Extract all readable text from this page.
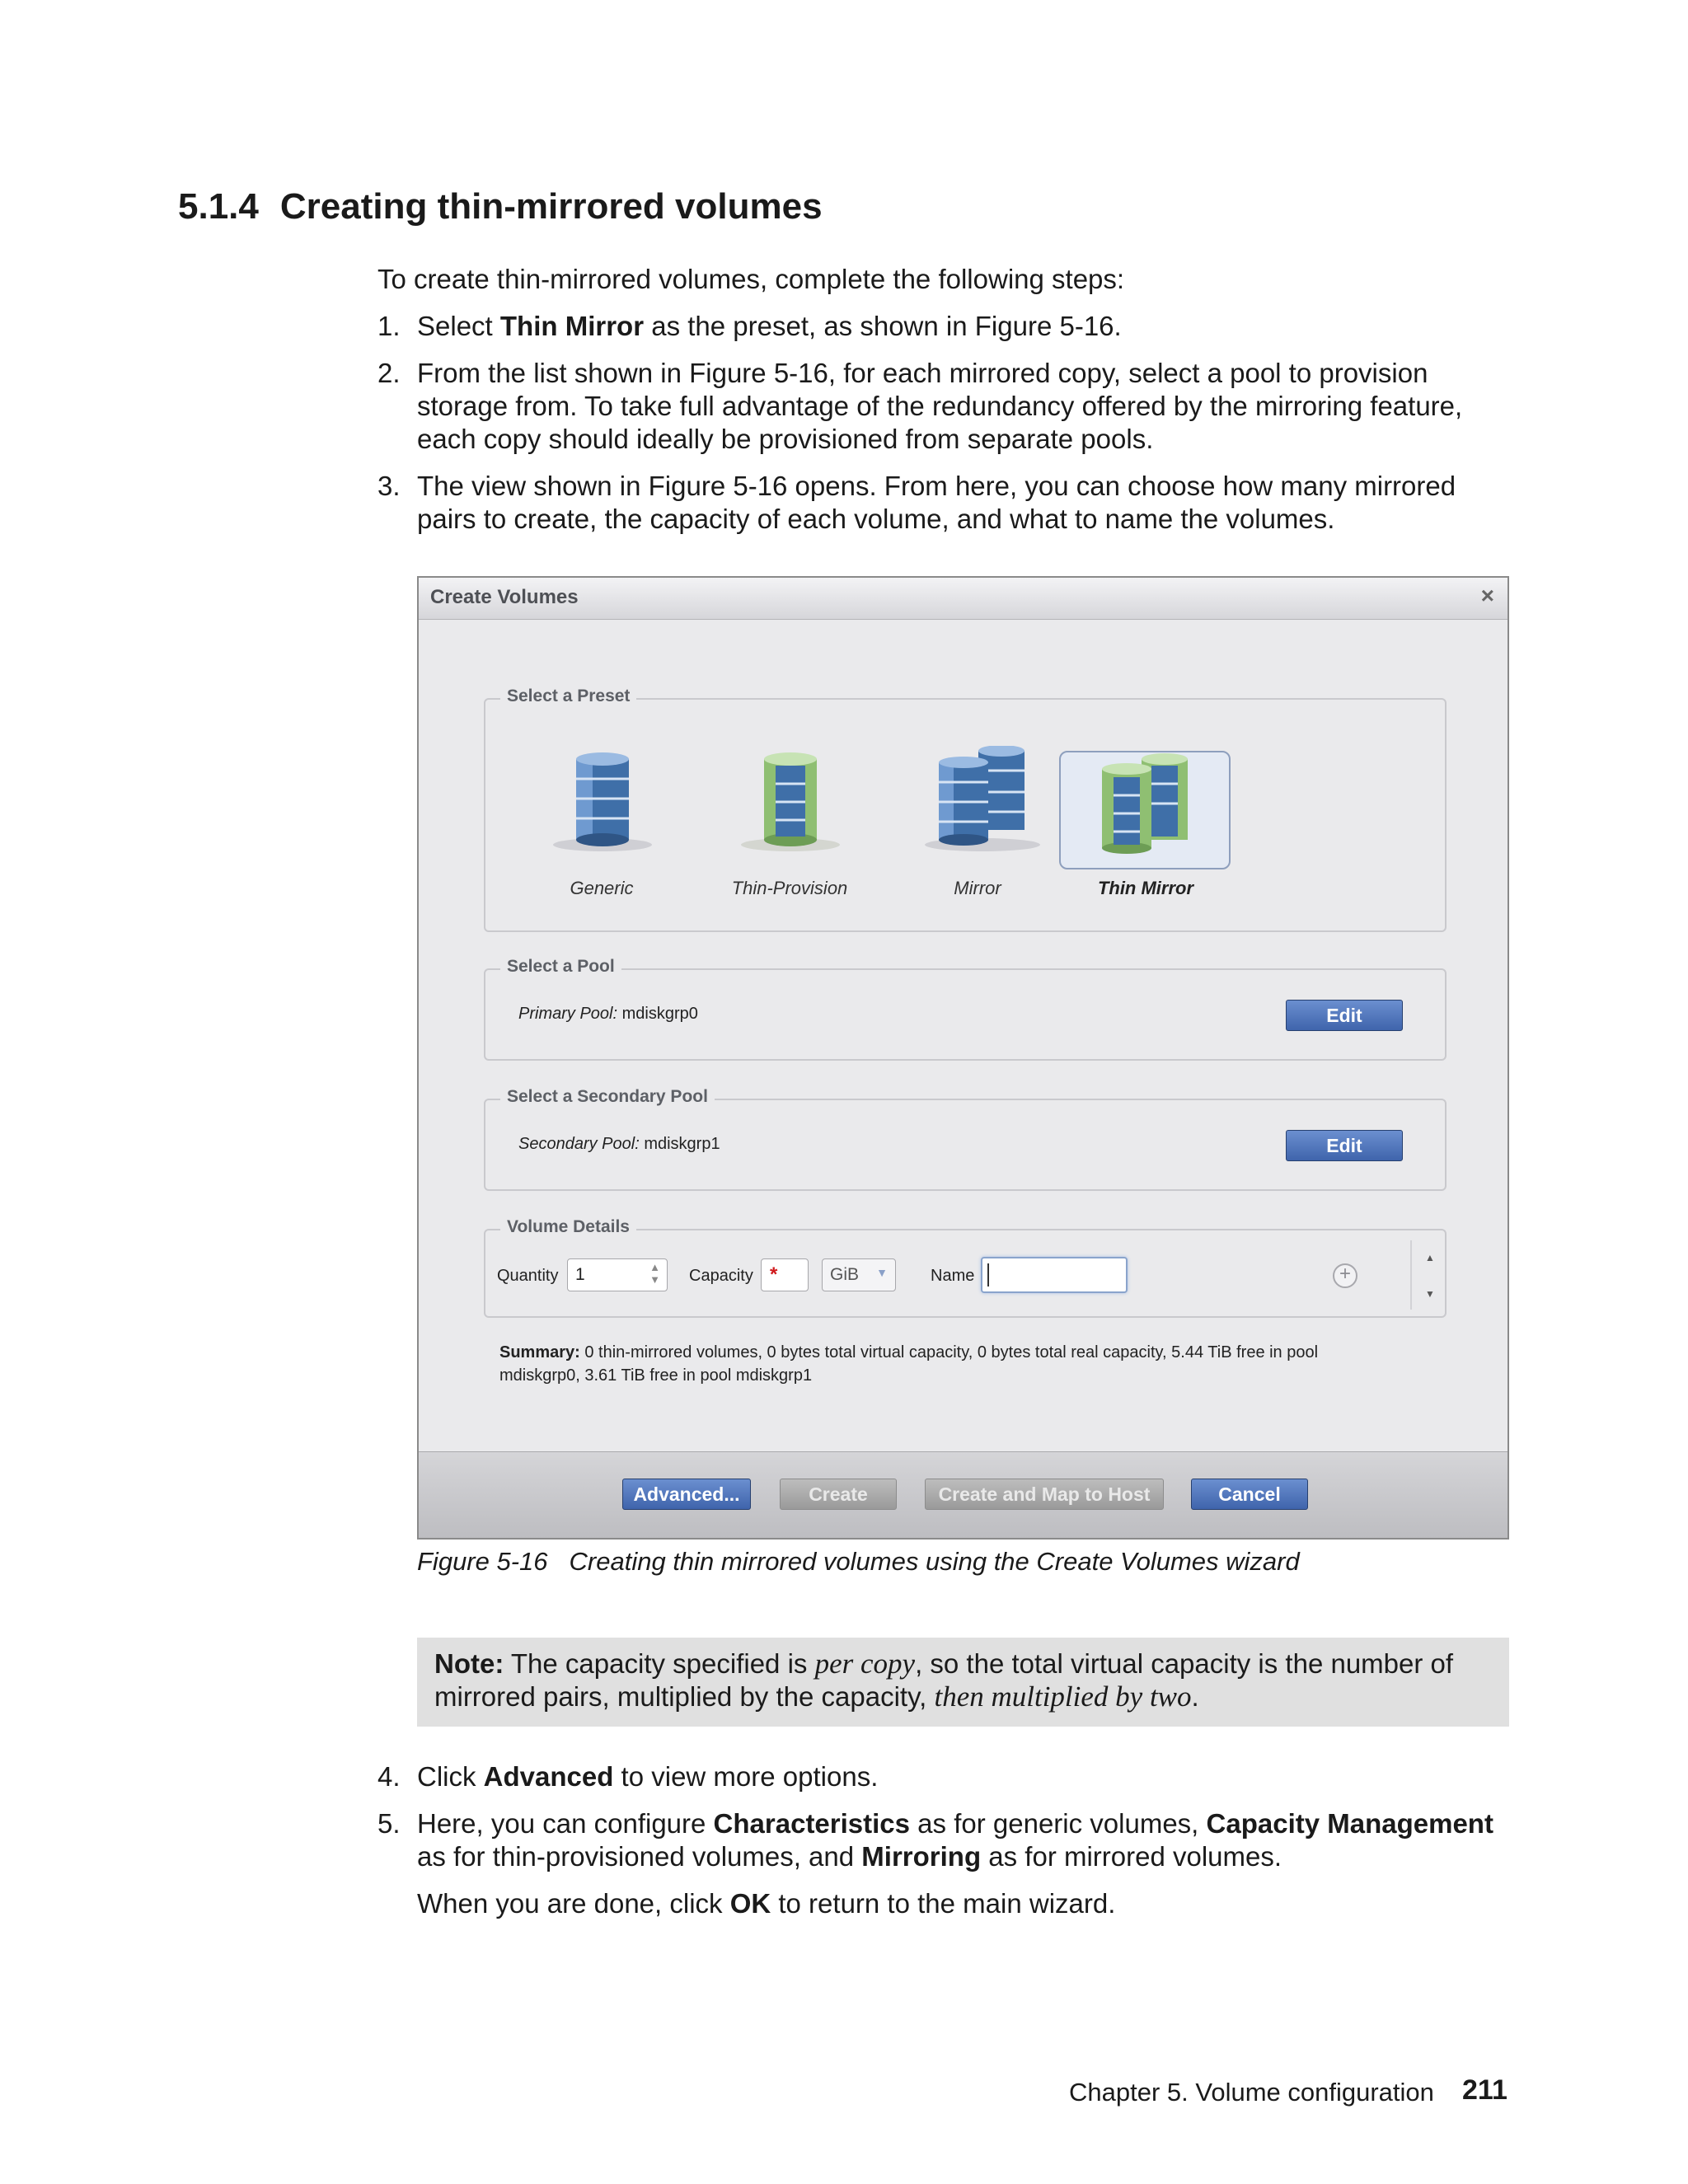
5.1.4 Creating thin-mirrored volumes
To create thin-mirrored volumes, complete the following steps:
1. Select Thin Mirror as the preset, as shown in Figure 5-16.
2. From the list shown in Figure 5-16, for each mirrored copy, select a pool to provision
storage from. To take full advantage of the redundancy offered by the mirroring feature,
each copy should ideally be provisioned from separate pools.
3. The view shown in Figure 5-16 opens. From here, you can choose how many mirrored
pairs to create, the capacity of each volume, and what to name the volumes.
Create Volumes	×
Select a Preset
Generic	Thin-Provision	Mirror	Thin Mirror
Select a Pool
Primary Pool: mdiskgrp0	Edit
Select a Secondary Pool
Secondary Pool: mdiskgrp1	Edit
Volume Details
Quantity 1	▲
▼ Capacity *	GiB ▼	Name	+
▲
▼
Summary: 0 thin-mirrored volumes, 0 bytes total virtual capacity, 0 bytes total real capacity, 5.44 TiB free in pool
mdiskgrp0, 3.61 TiB free in pool mdiskgrp1
Advanced...	Create	Create and Map to Host	Cancel
Figure 5-16 Creating thin mirrored volumes using the Create Volumes wizard
Note: The capacity specified is per copy, so the total virtual capacity is the number of
mirrored pairs, multiplied by the capacity, then multiplied by two.
4. Click Advanced to view more options.
5. Here, you can configure Characteristics as for generic volumes, Capacity Management
as for thin-provisioned volumes, and Mirroring as for mirrored volumes.
When you are done, click OK to return to the main wizard.
Chapter 5. Volume configuration 211
